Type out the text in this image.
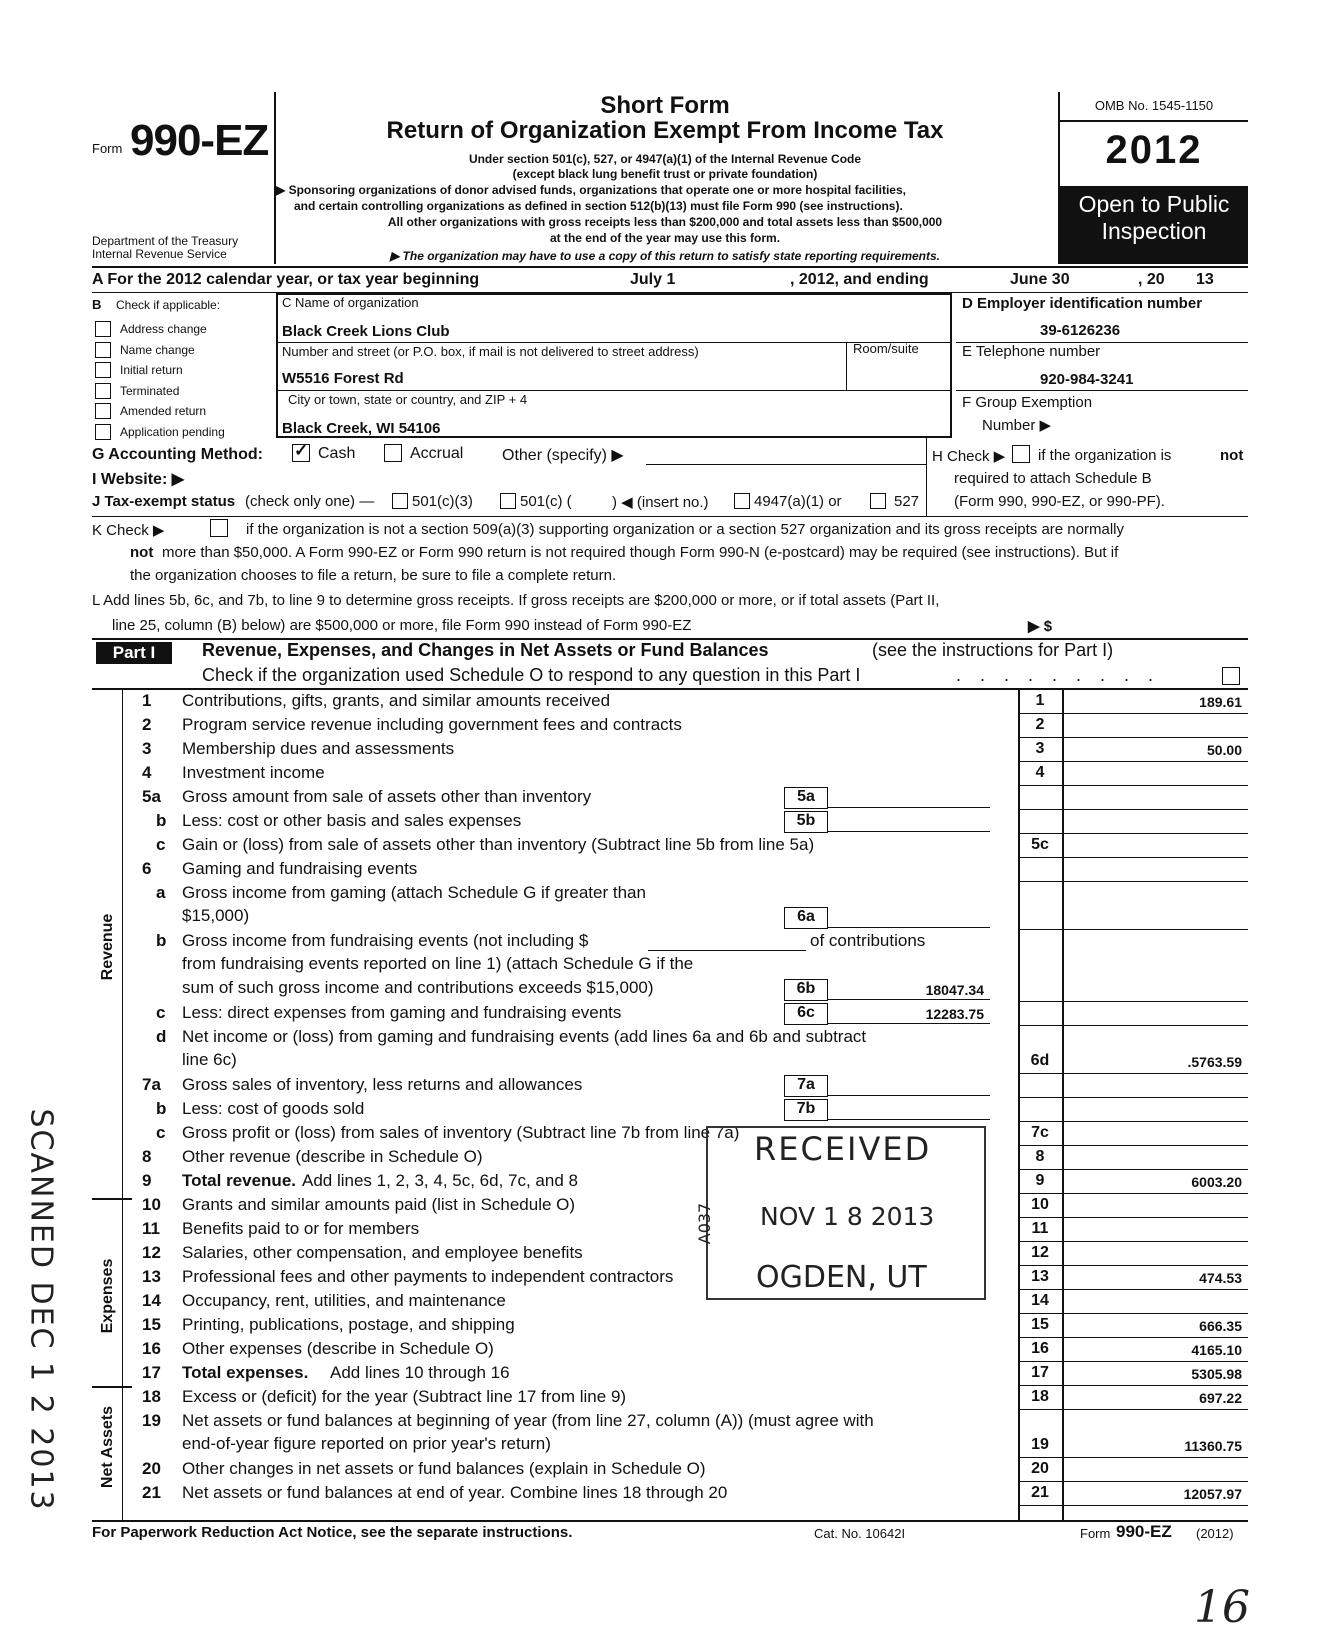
Form 990-EZ
Department of the Treasury
Internal Revenue Service
Short Form
Return of Organization Exempt From Income Tax
Under section 501(c), 527, or 4947(a)(1) of the Internal Revenue Code
(except black lung benefit trust or private foundation)
▶ Sponsoring organizations of donor advised funds, organizations that operate one or more hospital facilities,
and certain controlling organizations as defined in section 512(b)(13) must file Form 990 (see instructions).
All other organizations with gross receipts less than $200,000 and total assets less than $500,000
at the end of the year may use this form.
▶ The organization may have to use a copy of this return to satisfy state reporting requirements.
OMB No. 1545-1150
2012
Open to Public
Inspection
A For the 2012 calendar year, or tax year beginning	July 1	, 2012, and ending	June 30	, 20 13
B Check if applicable:
Address change
Name change
Initial return
Terminated
Amended return
Application pending
C Name of organization
Black Creek Lions Club
Number and street (or P.O. box, if mail is not delivered to street address)	Room/suite
W5516 Forest Rd
City or town, state or country, and ZIP + 4
Black Creek, WI 54106
D Employer identification number
39-6126236
E Telephone number
920-984-3241
F Group Exemption
Number ▶
G Accounting Method: ✓ Cash	Accrual Other (specify) ▶
I Website: ▶
J Tax-exempt status (check only one) —	501(c)(3)	501(c) (	) ◀ (insert no.)	4947(a)(1) or	527
H Check ▶ if the organization is	not
required to attach Schedule B
(Form 990, 990-EZ, or 990-PF).
K Check ▶	if the organization is not a section 509(a)(3) supporting organization or a section 527 organization and its gross receipts are normally
not more than $50,000. A Form 990-EZ or Form 990 return is not required though Form 990-N (e-postcard) may be required (see instructions). But if
the organization chooses to file a return, be sure to file a complete return.
L Add lines 5b, 6c, and 7b, to line 9 to determine gross receipts. If gross receipts are $200,000 or more, or if total assets (Part II,
line 25, column (B) below) are $500,000 or more, file Form 990 instead of Form 990-EZ	▶ $
Part I	Revenue, Expenses, and Changes in Net Assets or Fund Balances	(see the instructions for Part I)
Check if the organization used Schedule O to respond to any question in this Part I	. . . . . . . . .
Revenue
Expenses
Net Assets
1 Contributions, gifts, grants, and similar amounts received	1	189.61
2 Program service revenue including government fees and contracts	2
3 Membership dues and assessments	3	50.00
4 Investment income	4
5a Gross amount from sale of assets other than inventory	5a
b Less: cost or other basis and sales expenses	5b
c Gain or (loss) from sale of assets other than inventory (Subtract line 5b from line 5a)	5c
6 Gaming and fundraising events
a Gross income from gaming (attach Schedule G if greater than
$15,000)	6a
b Gross income from fundraising events (not including $	of contributions
from fundraising events reported on line 1) (attach Schedule G if the
sum of such gross income and contributions exceeds $15,000)	6b	18047.34
c Less: direct expenses from gaming and fundraising events	6c	12283.75
d Net income or (loss) from gaming and fundraising events (add lines 6a and 6b and subtract
line 6c)	6d	.5763.59
7a Gross sales of inventory, less returns and allowances	7a
b Less: cost of goods sold	7b
c Gross profit or (loss) from sales of inventory (Subtract line 7b from line 7a)	7c
8 Other revenue (describe in Schedule O)	8
9 Total revenue. Add lines 1, 2, 3, 4, 5c, 6d, 7c, and 8	9	6003.20
10 Grants and similar amounts paid (list in Schedule O)	10
11 Benefits paid to or for members	11
12 Salaries, other compensation, and employee benefits	12
13 Professional fees and other payments to independent contractors	13	474.53
14 Occupancy, rent, utilities, and maintenance	14
15 Printing, publications, postage, and shipping	15	666.35
16 Other expenses (describe in Schedule O)	16	4165.10
17 Total expenses. Add lines 10 through 16	17	5305.98
18 Excess or (deficit) for the year (Subtract line 17 from line 9)	18	697.22
19 Net assets or fund balances at beginning of year (from line 27, column (A)) (must agree with
end-of-year figure reported on prior year's return)	19	11360.75
20 Other changes in net assets or fund balances (explain in Schedule O)	20
21 Net assets or fund balances at end of year. Combine lines 18 through 20	21	12057.97
For Paperwork Reduction Act Notice, see the separate instructions.	Cat. No. 10642I	Form 990-EZ (2012)
RECEIVED
NOV 1 8 2013
A037
OGDEN, UT
SCANNED DEC 1 2 2013
16
